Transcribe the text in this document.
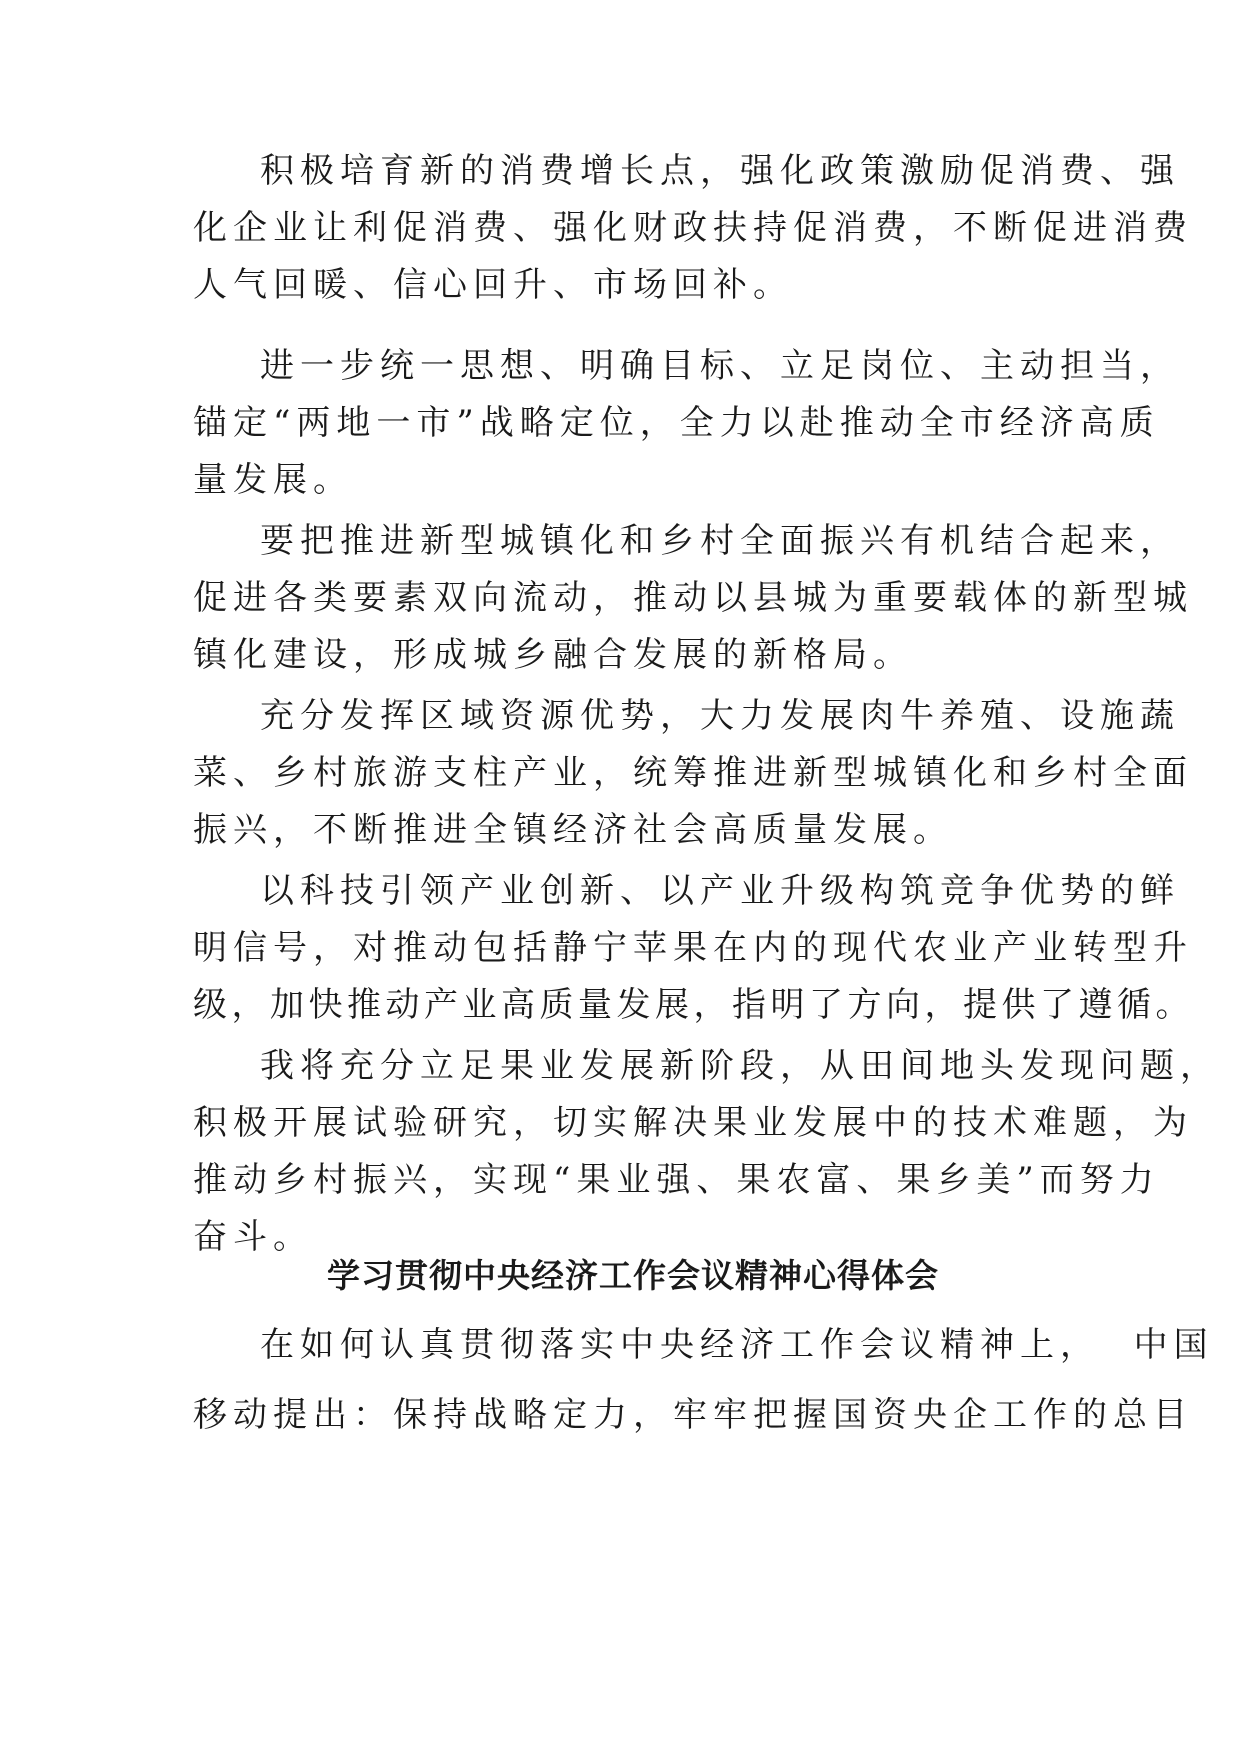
积极培育新的消费增长点，强化政策激励促消费、强
化企业让利促消费、强化财政扶持促消费，不断促进消费
人气回暖、信心回升、市场回补。
进一步统一思想、明确目标、立足岗位、主动担当，
锚定“两地一市”战略定位，全力以赴推动全市经济高质
量发展。
要把推进新型城镇化和乡村全面振兴有机结合起来，
促进各类要素双向流动，推动以县城为重要载体的新型城
镇化建设，形成城乡融合发展的新格局。
充分发挥区域资源优势，大力发展肉牛养殖、设施蔬
菜、乡村旅游支柱产业，统筹推进新型城镇化和乡村全面
振兴，不断推进全镇经济社会高质量发展。
以科技引领产业创新、以产业升级构筑竞争优势的鲜
明信号，对推动包括静宁苹果在内的现代农业产业转型升
级，加快推动产业高质量发展，指明了方向，提供了遵循。
我将充分立足果业发展新阶段，从田间地头发现问题，
积极开展试验研究，切实解决果业发展中的技术难题，为
推动乡村振兴，实现“果业强、果农富、果乡美”而努力
奋斗。
学习贯彻中央经济工作会议精神心得体会
在如何认真贯彻落实中央经济工作会议精神上，  中国
移动提出：保持战略定力，牢牢把握国资央企工作的总目
